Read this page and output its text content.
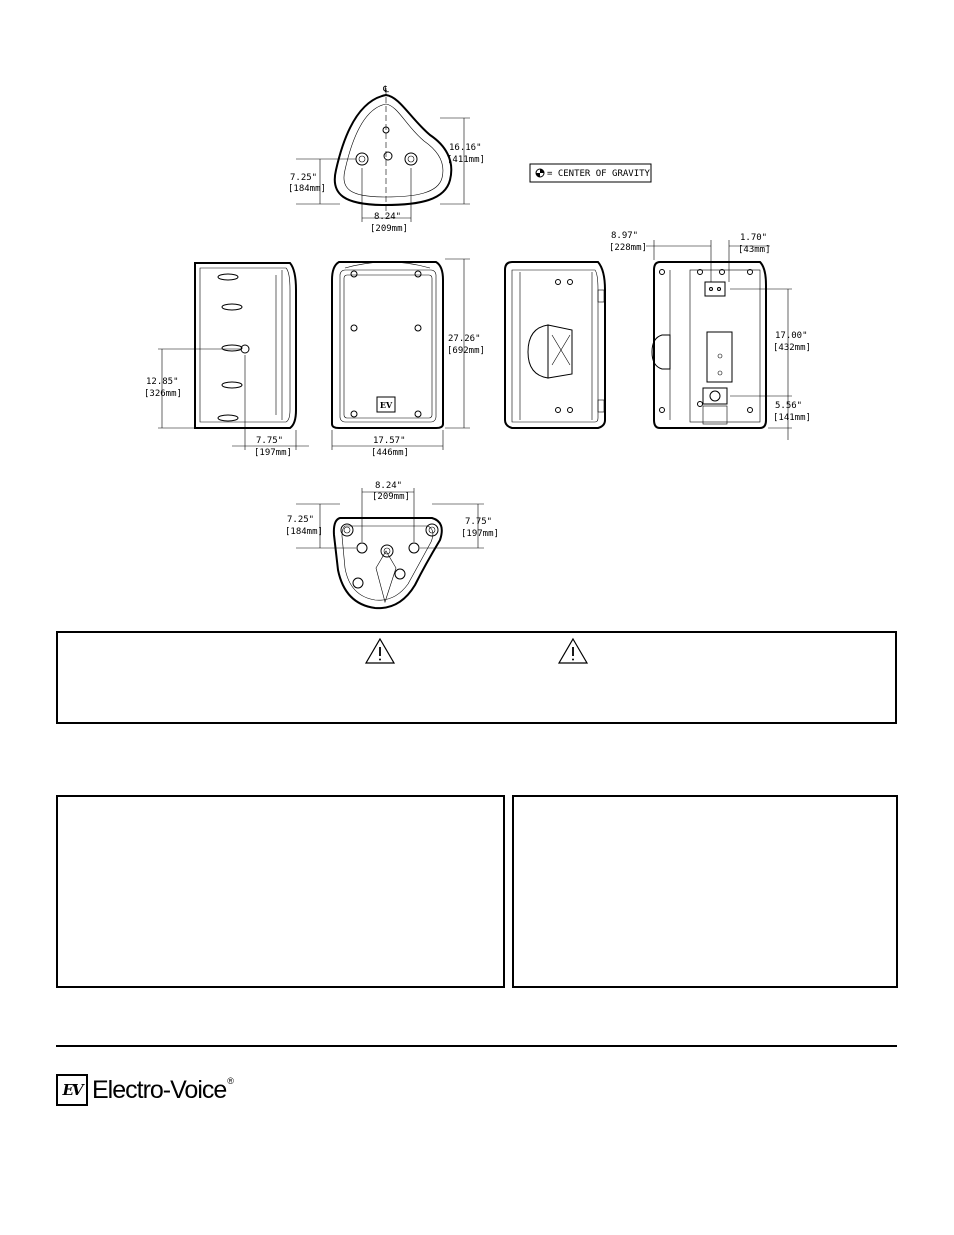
℄
16.16"
[411mm]
7.25"
[184mm]
8.24"
[209mm]
= CENTER OF GRAVITY
12.85"
[326mm]
7.75"
[197mm]
EV
27.26"
[692mm]
17.57"
[446mm]
8.97"
[228mm]
1.70"
[43mm]
17.00"
[432mm]
5.56"
[141mm]
8.24"
[209mm]
7.25"
[184mm]
7.75"
[197mm]
EV Electro-Voice®
